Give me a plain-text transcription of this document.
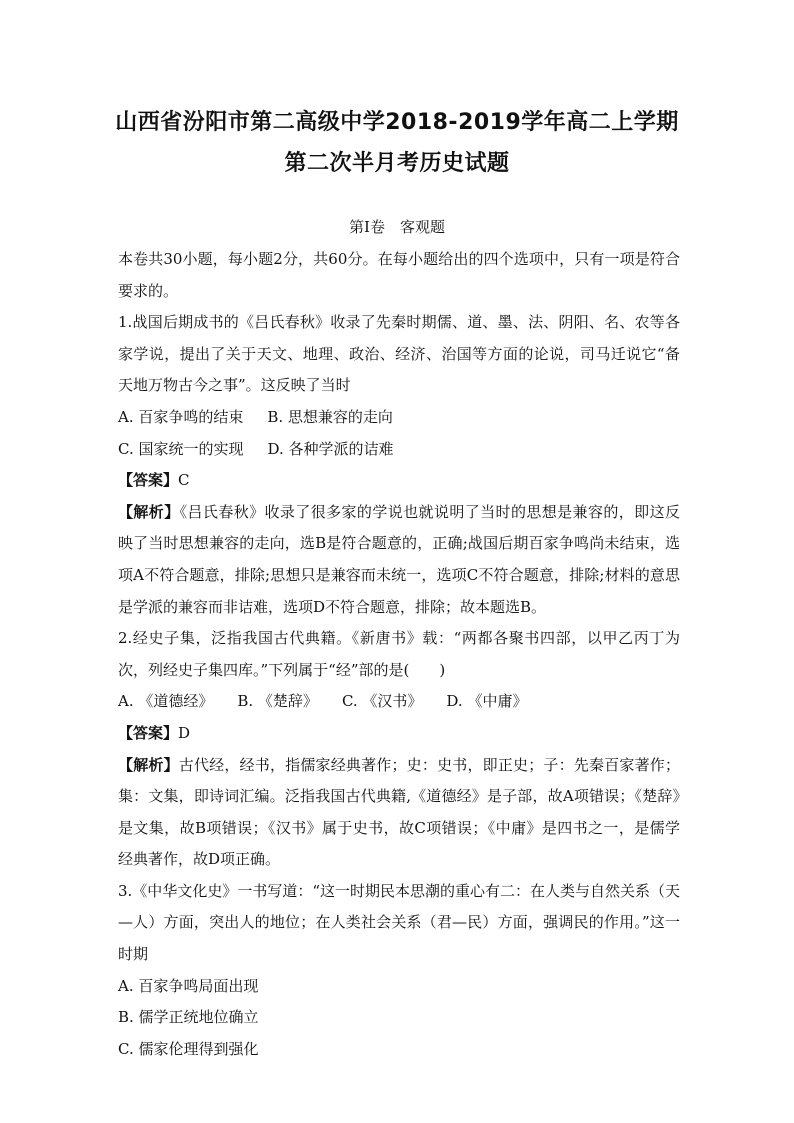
山西省汾阳市第二高级中学2018-2019学年高二上学期
第二次半月考历史试题
第Ⅰ卷　客观题

本卷共30小题，每小题2分，共60分。在每小题给出的四个选项中，只有一项是符合要求的。

1.战国后期成书的《吕氏春秋》收录了先秦时期儒、道、墨、法、阴阳、名、农等各家学说，提出了关于天文、地理、政治、经济、治国等方面的论说，司马迁说它“备天地万物古今之事”。这反映了当时

A. 百家争鸣的结束 B. 思想兼容的走向

C. 国家统一的实现 D. 各种学派的诘难

【答案】C

【解析】《吕氏春秋》收录了很多家的学说也就说明了当时的思想是兼容的，即这反映了当时思想兼容的走向，选B是符合题意的，正确;战国后期百家争鸣尚未结束，选项A不符合题意，排除;思想只是兼容而未统一，选项C不符合题意，排除;材料的意思是学派的兼容而非诘难，选项D不符合题意，排除；故本题选B。

2.经史子集，泛指我国古代典籍。《新唐书》载：“两都各聚书四部，以甲乙丙丁为次，列经史子集四库。”下列属于“经”部的是(　　)

A. 《道德经》 B. 《楚辞》 C. 《汉书》 D. 《中庸》

【答案】D

【解析】古代经，经书，指儒家经典著作；史：史书，即正史；子：先秦百家著作；集：文集，即诗词汇编。泛指我国古代典籍,《道德经》是子部，故A项错误；《楚辞》是文集，故B项错误；《汉书》属于史书，故C项错误；《中庸》是四书之一，是儒学经典著作，故D项正确。

3.《中华文化史》一书写道：“这一时期民本思潮的重心有二：在人类与自然关系（天—人）方面，突出人的地位；在人类社会关系（君—民）方面，强调民的作用。”这一时期

A. 百家争鸣局面出现

B. 儒学正统地位确立

C. 儒家伦理得到强化
